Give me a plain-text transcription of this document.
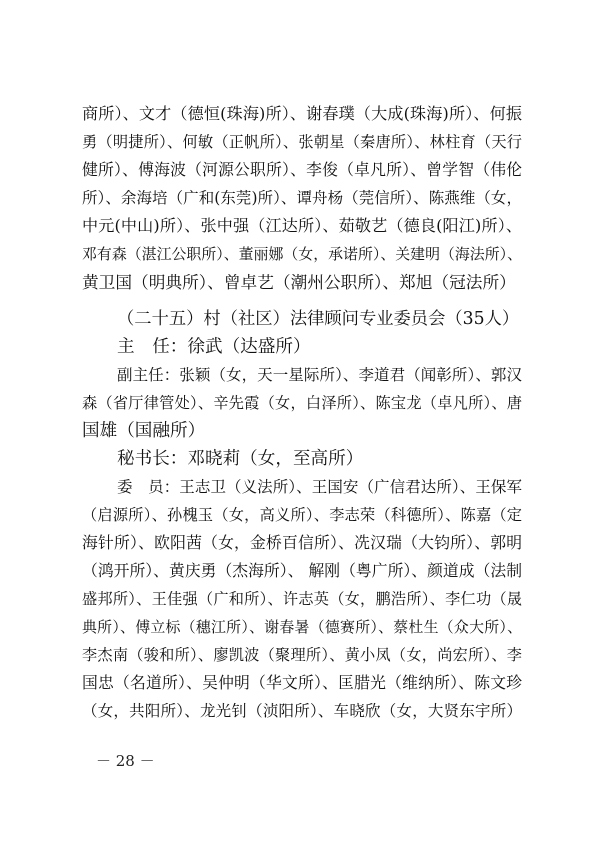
商所）、文才（德恒(珠海)所）、谢春璞（大成(珠海)所）、何振
勇（明捷所）、何敏（正帆所）、张朝星（秦唐所）、林柱育（天行
健所）、傅海波（河源公职所）、李俊（卓凡所）、曾学智（伟伦
所）、余海培（广和(东莞)所）、谭舟杨（莞信所）、陈燕维（女，
中元(中山)所）、张中强（江达所）、茹敬艺（德良(阳江)所）、
邓有森（湛江公职所）、董丽娜（女，承诺所）、关建明（海法所）、
黄卫国（明典所）、曾卓艺（潮州公职所）、郑旭（冠法所）
（二十五）村（社区）法律顾问专业委员会（35人）
主　任：徐武（达盛所）
副主任：张颖（女，天一星际所）、李道君（闻彰所）、郭汉
森（省厅律管处）、辛先霞（女，白泽所）、陈宝龙（卓凡所）、唐
国雄（国融所）
秘书长：邓晓莉（女，至高所）
委　员：王志卫（义法所）、王国安（广信君达所）、王保军
（启源所）、孙槐玉（女，高义所）、李志荣（科德所）、陈嘉（定
海针所）、欧阳茜（女，金桥百信所）、冼汉瑞（大钧所）、郭明
（鸿开所）、黄庆勇（杰海所）、 解刚（粤广所）、颜道成（法制
盛邦所）、王佳强（广和所）、许志英（女，鹏浩所）、李仁功（晟
典所）、傅立标（穗江所）、谢春暑（德赛所）、蔡杜生（众大所）、
李杰南（骏和所）、廖凯波（聚理所）、黄小凤（女，尚宏所）、李
国忠（名道所）、吴仲明（华文所）、匡腊光（维纳所）、陈文珍
（女，共阳所）、龙光钊（浈阳所）、车晓欣（女，大贤东宇所）
－ 28 －
